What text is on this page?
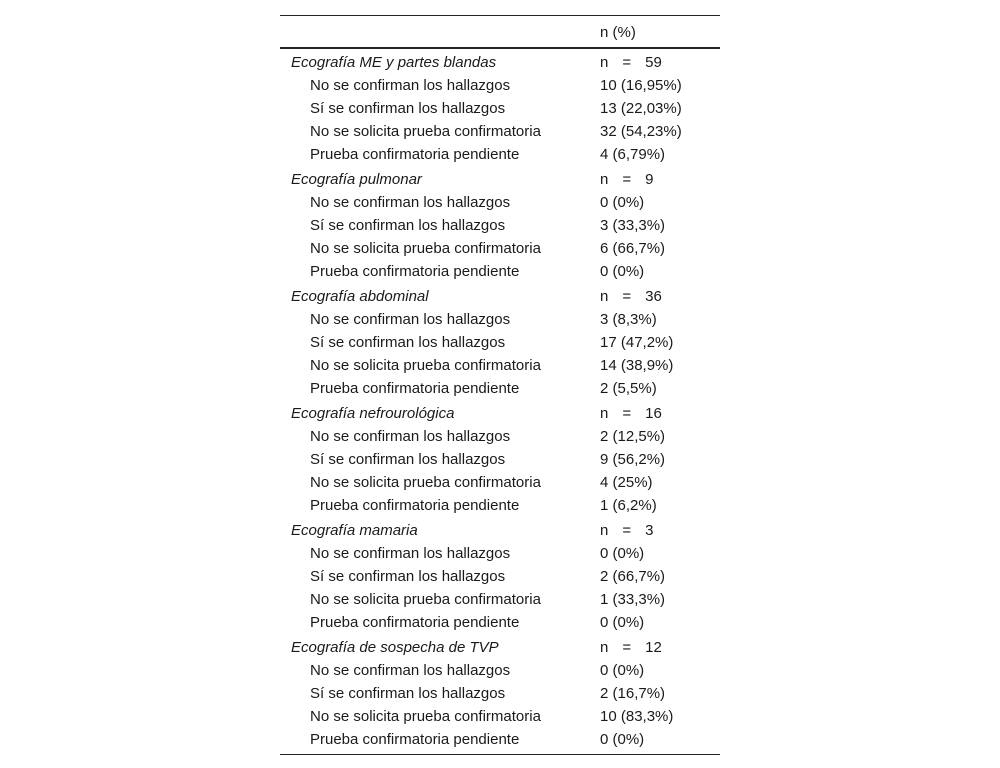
n (%)
Ecografía ME y partes blandas	n = 59
No se confirman los hallazgos	10 (16,95%)
Sí se confirman los hallazgos	13 (22,03%)
No se solicita prueba confirmatoria	32 (54,23%)
Prueba confirmatoria pendiente	4 (6,79%)
Ecografía pulmonar	n = 9
No se confirman los hallazgos	0 (0%)
Sí se confirman los hallazgos	3 (33,3%)
No se solicita prueba confirmatoria	6 (66,7%)
Prueba confirmatoria pendiente	0 (0%)
Ecografía abdominal	n = 36
No se confirman los hallazgos	3 (8,3%)
Sí se confirman los hallazgos	17 (47,2%)
No se solicita prueba confirmatoria	14 (38,9%)
Prueba confirmatoria pendiente	2 (5,5%)
Ecografía nefrourológica	n = 16
No se confirman los hallazgos	2 (12,5%)
Sí se confirman los hallazgos	9 (56,2%)
No se solicita prueba confirmatoria	4 (25%)
Prueba confirmatoria pendiente	1 (6,2%)
Ecografía mamaria	n = 3
No se confirman los hallazgos	0 (0%)
Sí se confirman los hallazgos	2 (66,7%)
No se solicita prueba confirmatoria	1 (33,3%)
Prueba confirmatoria pendiente	0 (0%)
Ecografía de sospecha de TVP	n = 12
No se confirman los hallazgos	0 (0%)
Sí se confirman los hallazgos	2 (16,7%)
No se solicita prueba confirmatoria	10 (83,3%)
Prueba confirmatoria pendiente	0 (0%)
